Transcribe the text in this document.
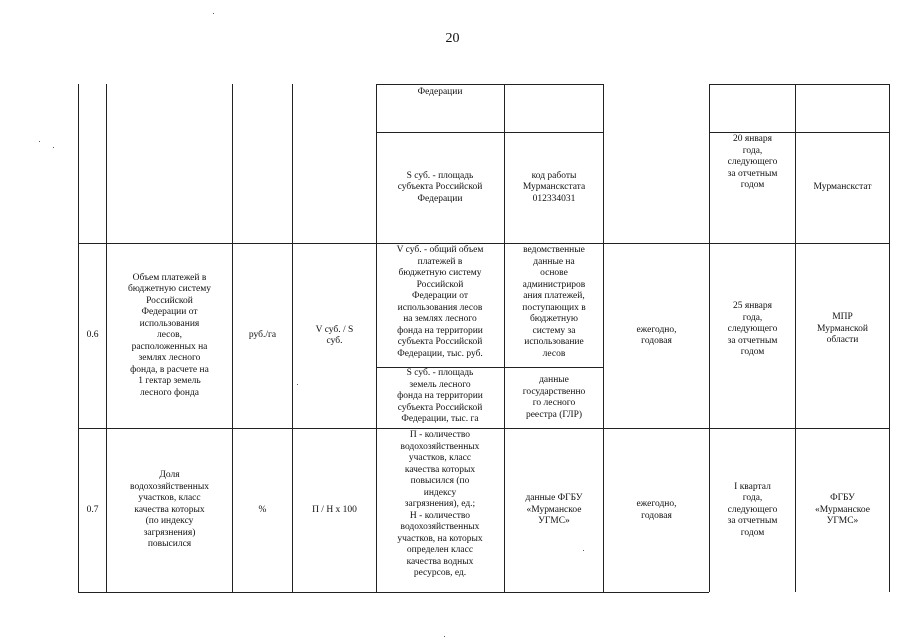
20
Федерации
S суб. - площадь
субъекта Российской
Федерации
код работы
Мурманскстата
012334031
20 января
года,
следующего
за отчетным
годом	Мурманскстат
0.6
Объем платежей в
бюджетную систему
Российской
Федерации от
использования
лесов,
расположенных на
землях лесного
фонда, в расчете на
1 гектар земель
лесного фонда
руб./га
V суб. / S
суб.
V суб. - общий объем
платежей в
бюджетную систему
Российской
Федерации от
использования лесов
на землях лесного
фонда на территории
субъекта Российской
Федерации, тыс. руб.
ведомственные
данные на
основе
администриров
ания платежей,
поступающих в
бюджетную
систему за
использование
лесов
S суб. - площадь
земель лесного
фонда на территории
субъекта Российской
Федерации, тыс. га
данные
государственно
го лесного
реестра (ГЛР)
ежегодно,
годовая
25 января
года,
следующего
за отчетным
годом
МПР
Мурманской
области
0.7
Доля
водохозяйственных
участков, класс
качества которых
(по индексу
загрязнения)
повысился
%	П / Н x 100
П - количество
водохозяйственных
участков, класс
качества которых
повысился (по
индексу
загрязнения), ед.;
Н - количество
водохозяйственных
участков, на которых
определен класс
качества водных
ресурсов, ед.
данные ФГБУ
«Мурманское
УГМС»
ежегодно,
годовая
I квартал
года,
следующего
за отчетным
годом
ФГБУ
«Мурманское
УГМС»
